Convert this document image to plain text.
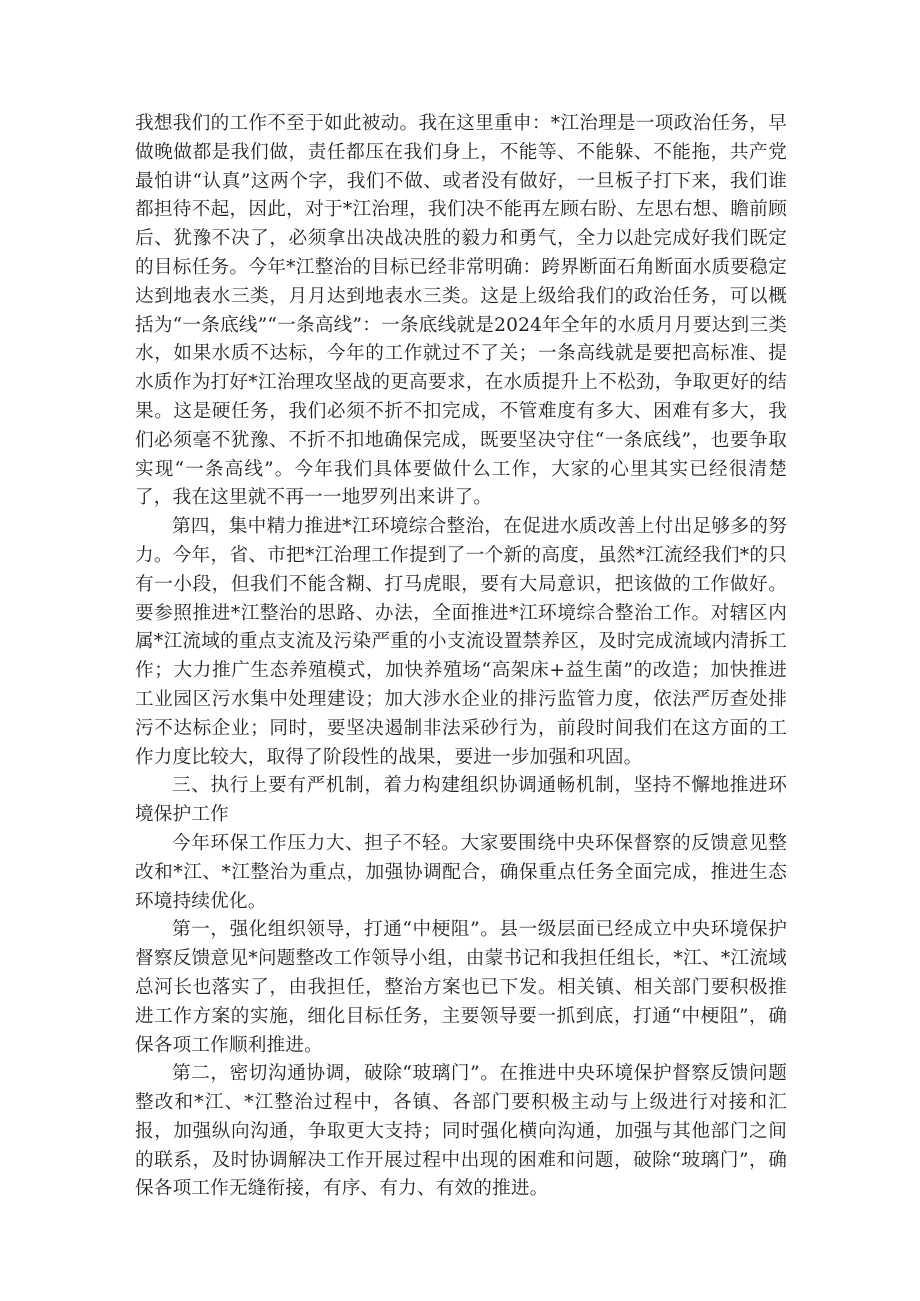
我想我们的工作不至于如此被动。我在这里重申：*江治理是一项政治任务，早做晚做都是我们做，责任都压在我们身上，不能等、不能躲、不能拖，共产党最怕讲“认真”这两个字，我们不做、或者没有做好，一旦板子打下来，我们谁都担待不起，因此，对于*江治理，我们决不能再左顾右盼、左思右想、瞻前顾后、犹豫不决了，必须拿出决战决胜的毅力和勇气，全力以赴完成好我们既定的目标任务。今年*江整治的目标已经非常明确：跨界断面石角断面水质要稳定达到地表水三类，月月达到地表水三类。这是上级给我们的政治任务，可以概括为“一条底线”“一条高线”：一条底线就是2024年全年的水质月月要达到三类水，如果水质不达标，今年的工作就过不了关；一条高线就是要把高标准、提水质作为打好*江治理攻坚战的更高要求，在水质提升上不松劲，争取更好的结果。这是硬任务，我们必须不折不扣完成，不管难度有多大、困难有多大，我们必须毫不犹豫、不折不扣地确保完成，既要坚决守住“一条底线”，也要争取实现“一条高线”。今年我们具体要做什么工作，大家的心里其实已经很清楚了，我在这里就不再一一地罗列出来讲了。

第四，集中精力推进*江环境综合整治，在促进水质改善上付出足够多的努力。今年，省、市把*江治理工作提到了一个新的高度，虽然*江流经我们*的只有一小段，但我们不能含糊、打马虎眼，要有大局意识，把该做的工作做好。要参照推进*江整治的思路、办法，全面推进*江环境综合整治工作。对辖区内属*江流域的重点支流及污染严重的小支流设置禁养区，及时完成流域内清拆工作；大力推广生态养殖模式，加快养殖场“高架床+益生菌”的改造；加快推进工业园区污水集中处理建设；加大涉水企业的排污监管力度，依法严厉查处排污不达标企业；同时，要坚决遏制非法采砂行为，前段时间我们在这方面的工作力度比较大，取得了阶段性的战果，要进一步加强和巩固。

三、执行上要有严机制，着力构建组织协调通畅机制，坚持不懈地推进环境保护工作

今年环保工作压力大、担子不轻。大家要围绕中央环保督察的反馈意见整改和*江、*江整治为重点，加强协调配合，确保重点任务全面完成，推进生态环境持续优化。

第一，强化组织领导，打通“中梗阻”。县一级层面已经成立中央环境保护督察反馈意见*问题整改工作领导小组，由蒙书记和我担任组长，*江、*江流域总河长也落实了，由我担任，整治方案也已下发。相关镇、相关部门要积极推进工作方案的实施，细化目标任务，主要领导要一抓到底，打通“中梗阻”，确保各项工作顺利推进。

第二，密切沟通协调，破除“玻璃门”。在推进中央环境保护督察反馈问题整改和*江、*江整治过程中，各镇、各部门要积极主动与上级进行对接和汇报，加强纵向沟通，争取更大支持；同时强化横向沟通，加强与其他部门之间的联系，及时协调解决工作开展过程中出现的困难和问题，破除“玻璃门”，确保各项工作无缝衔接，有序、有力、有效的推进。
